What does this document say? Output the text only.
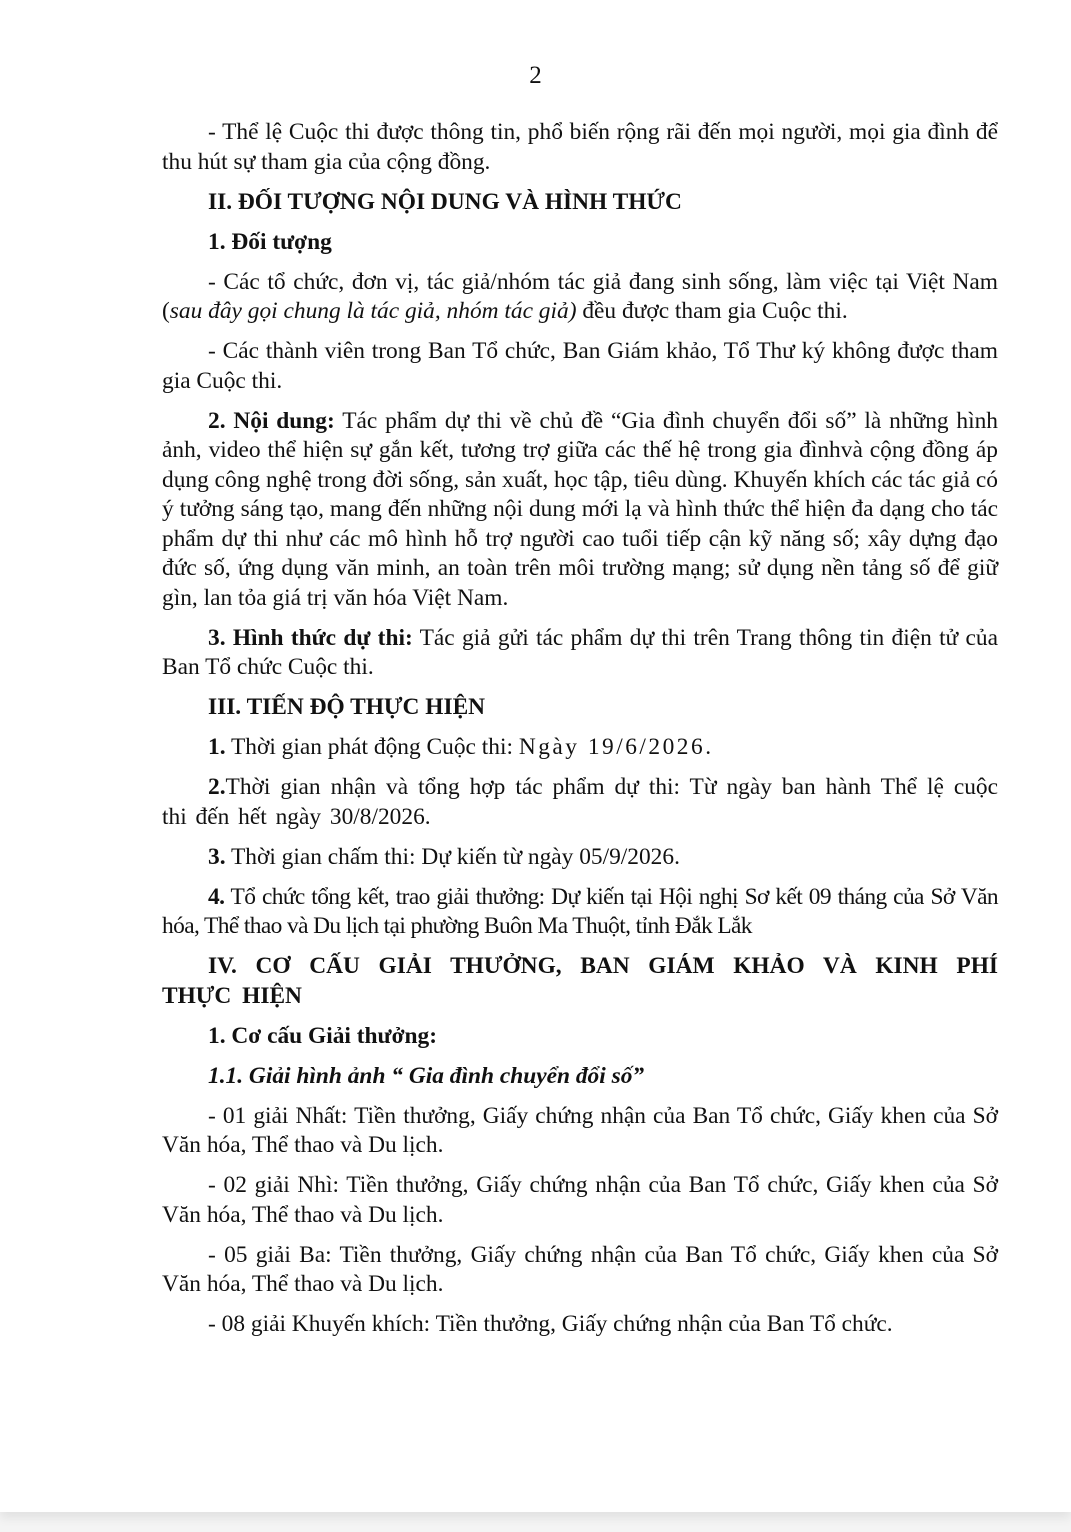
2

- Thể lệ Cuộc thi được thông tin, phổ biến rộng rãi đến mọi người, mọi gia đình để thu hút sự tham gia của cộng đồng.

II. ĐỐI TƯỢNG NỘI DUNG VÀ HÌNH THỨC

1. Đối tượng

- Các tổ chức, đơn vị, tác giả/nhóm tác giả đang sinh sống, làm việc tại Việt Nam (sau đây gọi chung là tác giả, nhóm tác giả) đều được tham gia Cuộc thi.

- Các thành viên trong Ban Tổ chức, Ban Giám khảo, Tổ Thư ký không được tham gia Cuộc thi.

2. Nội dung: Tác phẩm dự thi về chủ đề “Gia đình chuyển đổi số” là những hình ảnh, video thể hiện sự gắn kết, tương trợ giữa các thế hệ trong gia đìnhvà cộng đồng áp dụng công nghệ trong đời sống, sản xuất, học tập, tiêu dùng. Khuyến khích các tác giả có ý tưởng sáng tạo, mang đến những nội dung mới lạ và hình thức thể hiện đa dạng cho tác phẩm dự thi như các mô hình hỗ trợ người cao tuổi tiếp cận kỹ năng số; xây dựng đạo đức số, ứng dụng văn minh, an toàn trên môi trường mạng; sử dụng nền tảng số để giữ gìn, lan tỏa giá trị văn hóa Việt Nam.

3. Hình thức dự thi: Tác giả gửi tác phẩm dự thi trên Trang thông tin điện tử của Ban Tổ chức Cuộc thi.

III. TIẾN ĐỘ THỰC HIỆN

1. Thời gian phát động Cuộc thi: Ngày 19/6/2026.

2.Thời gian nhận và tổng hợp tác phẩm dự thi: Từ ngày ban hành Thể lệ cuộc thi đến hết ngày 30/8/2026.

3. Thời gian chấm thi: Dự kiến từ ngày 05/9/2026.

4. Tổ chức tổng kết, trao giải thưởng: Dự kiến tại Hội nghị Sơ kết 09 tháng của Sở Văn hóa, Thể thao và Du lịch tại phường Buôn Ma Thuột, tỉnh Đắk Lắk

IV. CƠ CẤU GIẢI THƯỞNG, BAN GIÁM KHẢO VÀ KINH PHÍ THỰC HIỆN

1. Cơ cấu Giải thưởng:

1.1. Giải hình ảnh “ Gia đình chuyển đổi số”

- 01 giải Nhất: Tiền thưởng, Giấy chứng nhận của Ban Tổ chức, Giấy khen của Sở Văn hóa, Thể thao và Du lịch.

- 02 giải Nhì: Tiền thưởng, Giấy chứng nhận của Ban Tổ chức, Giấy khen của Sở Văn hóa, Thể thao và Du lịch.

- 05 giải Ba: Tiền thưởng, Giấy chứng nhận của Ban Tổ chức, Giấy khen của Sở Văn hóa, Thể thao và Du lịch.

- 08 giải Khuyến khích: Tiền thưởng, Giấy chứng nhận của Ban Tổ chức.
